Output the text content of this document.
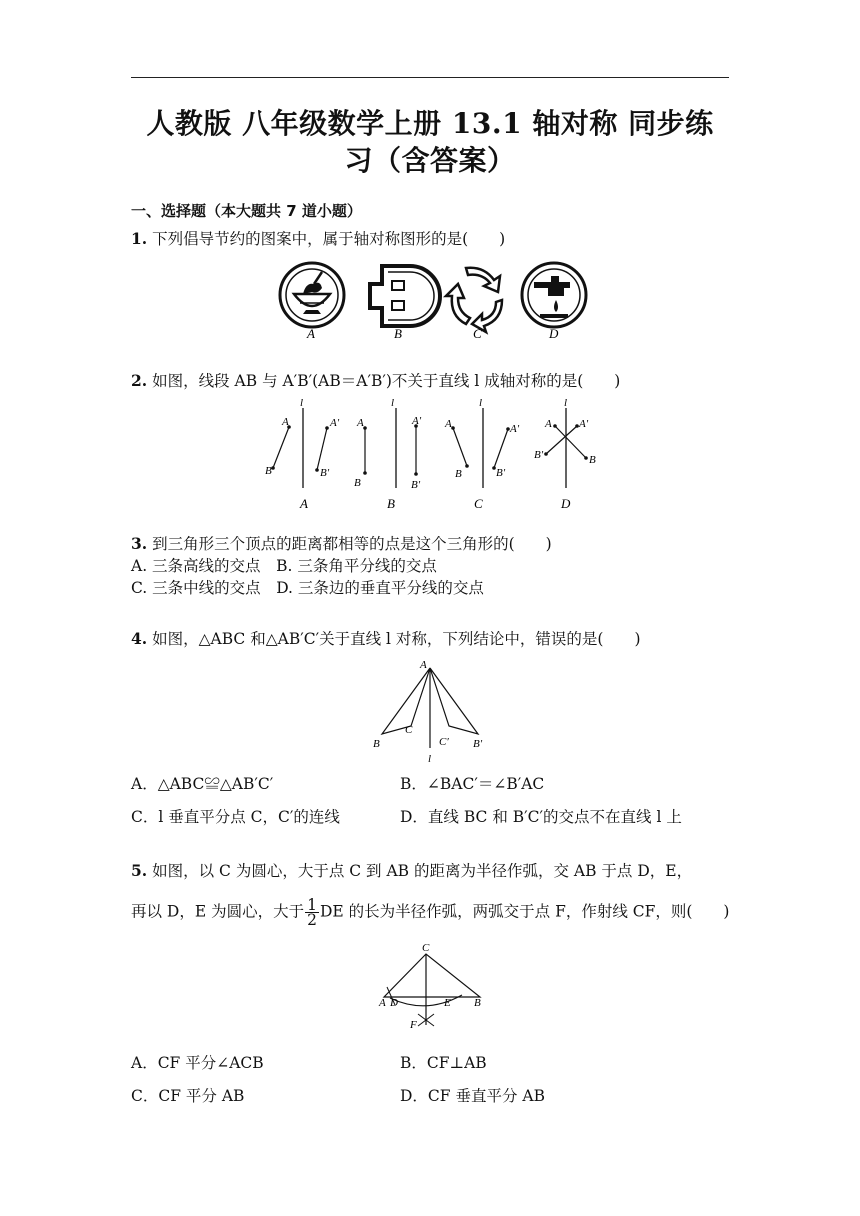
人教版 八年级数学上册 13.1 轴对称 同步练
习（含答案）
一、选择题（本大题共 7 道小题）
1. 下列倡导节约的图案中，属于轴对称图形的是(　　)
A	B	C	D
2. 如图，线段 AB 与 A′B′(AB＝A′B′)不关于直线 l 成轴对称的是(　　)
l
A
B
A′
B′
l
A
B
A′
B′
l
A
B
A′
B′
l
A
B
A′
B′
A	B	C	D
3. 到三角形三个顶点的距离都相等的点是这个三角形的(　　)
A. 三条高线的交点　 B. 三条角平分线的交点
C. 三条中线的交点　 D. 三条边的垂直平分线的交点
4. 如图，△ABC 和△AB′C′关于直线 l 对称，下列结论中，错误的是(　　)
A
B
C
C′ B′
l
A．△ABC≌△AB′C′	B．∠BAC′＝∠B′AC
C．l 垂直平分点 C，C′的连线	D．直线 BC 和 B′C′的交点不在直线 l 上
5. 如图，以 C 为圆心，大于点 C 到 AB 的距离为半径作弧，交 AB 于点 D，E，
再以 D，E 为圆心，大于 $\frac{1}{2}$ DE 的长为半径作弧，两弧交于点 F，作射线 CF，则(　　)
C
A D	E B
F
A．CF 平分∠ACB	B．CF⊥AB
C．CF 平分 AB	D．CF 垂直平分 AB
